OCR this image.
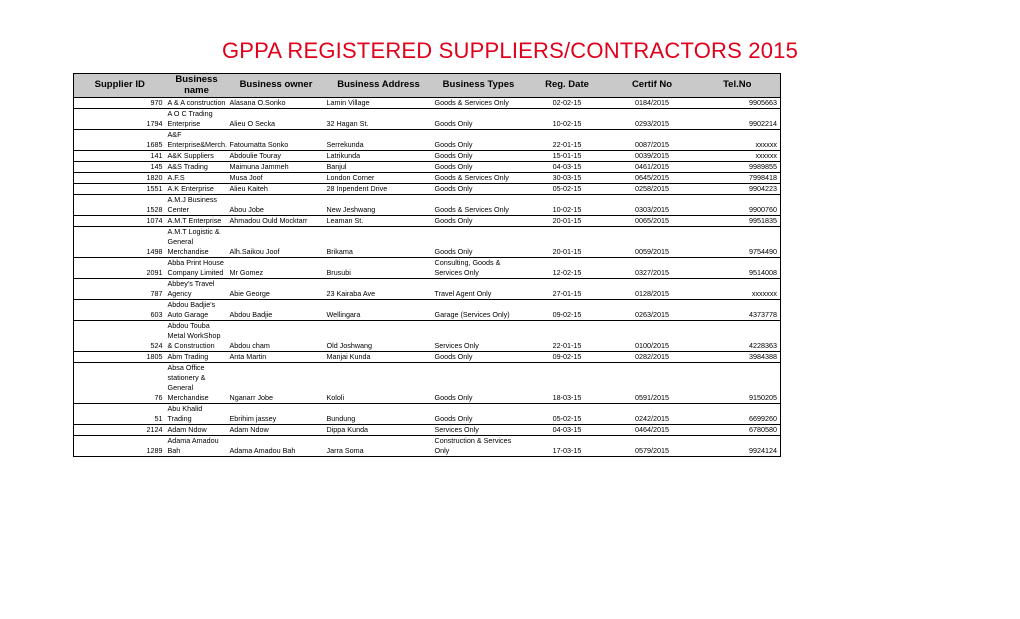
GPPA REGISTERED SUPPLIERS/CONTRACTORS 2015
Supplier ID	Business name	Business owner	Business Address	Business Types	Reg. Date	Certif No	Tel.No
970	A & A construction	Alasana O.Sonko	Lamin Village	Goods & Services Only	02-02-15	0184/2015	9905663
1794	A O C Trading Enterprise	Alieu O Secka	32 Hagan St.	Goods Only	10-02-15	0293/2015	9902214
1685	A&F Enterprise&Merch.	Fatoumatta Sonko	Serrekunda	Goods Only	22-01-15	0087/2015	xxxxxx
141	A&K Suppliers	Abdoulie Touray	Latrikunda	Goods Only	15-01-15	0039/2015	xxxxxx
145	A&S Trading	Maimuna Jammeh	Banjul	Goods Only	04-03-15	0461/2015	9989855
1820	A.F.S	Musa Joof	London Corner	Goods & Services Only	30-03-15	0645/2015	7998418
1551	A.K Enterprise	Alieu Kaiteh	28 Inpendent Drive	Goods Only	05-02-15	0258/2015	9904223
1528	A.M.J Business Center	Abou Jobe	New Jeshwang	Goods & Services Only	10-02-15	0303/2015	9900760
1074	A.M.T Enterprise	Ahmadou Ould Mocktarr	Leaman St.	Goods Only	20-01-15	0065/2015	9951835
1498	A.M.T Logistic & General Merchandise	Alh.Saikou Joof	Brikama	Goods Only	20-01-15	0059/2015	9754490
2091	Abba Print House Company Limited	Mr Gomez	Brusubi	Consulting, Goods & Services Only	12-02-15	0327/2015	9514008
787	Abbey's Travel Agency	Abie George	23 Kairaba Ave	Travel Agent Only	27-01-15	0128/2015	xxxxxxx
603	Abdou Badjie's Auto Garage	Abdou Badjie	Wellingara	Garage (Services Only)	09-02-15	0263/2015	4373778
524	Abdou Touba Metal WorkShop & Construction	Abdou cham	Old Joshwang	Services Only	22-01-15	0100/2015	4228363
1805	Abm Trading	Anta Martin	Manjai Kunda	Goods Only	09-02-15	0282/2015	3984388
76	Absa Office stationery & General Merchandise	Nganarr Jobe	Kololi	Goods Only	18-03-15	0591/2015	9150205
51	Abu Khalid Trading	Ebrihim jassey	Bundung	Goods Only	05-02-15	0242/2015	6699260
2124	Adam Ndow	Adam Ndow	Dippa Kunda	Services Only	04-03-15	0464/2015	6780580
1289	Adama Amadou Bah	Adama Amadou Bah	Jarra Soma	Construction & Services Only	17-03-15	0579/2015	9924124
